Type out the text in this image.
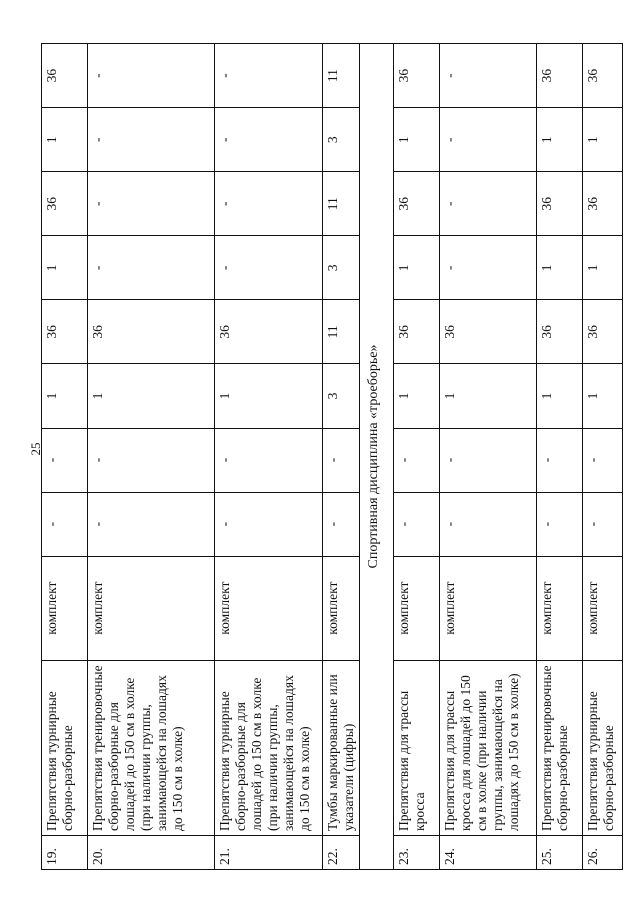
25
19.	Препятствия турнирные сборно-разборные	комплект	-	-	1	36	1	36	1	36
20.	Препятствия тренировочные сборно-разборные для лошадей до 150 см в холке (при наличии группы, занимающейся на лошадях до 150 см в холке)	комплект	-	-	1	36	-	-	-	-
21.	Препятствия турнирные сборно-разборные для лошадей до 150 см в холке (при наличии группы, занимающейся на лошадях до 150 см в холке)	комплект	-	-	1	36	-	-	-	-
22.	Тумбы маркированные или указатели (цифры)	комплект	-	-	3	11	3	11	3	11
Спортивная дисциплина «троеборье»										
23.	Препятствия для трассы кросса	комплект	-	-	1	36	1	36	1	36
24.	Препятствия для трассы кросса для лошадей до 150 см в холке (при наличии группы, занимающейся на лошадях до 150 см в холке)	комплект	-	-	1	36	-	-	-	-
25.	Препятствия тренировочные сборно-разборные	комплект	-	-	1	36	1	36	1	36
26.	Препятствия турнирные сборно-разборные	комплект	-	-	1	36	1	36	1	36
